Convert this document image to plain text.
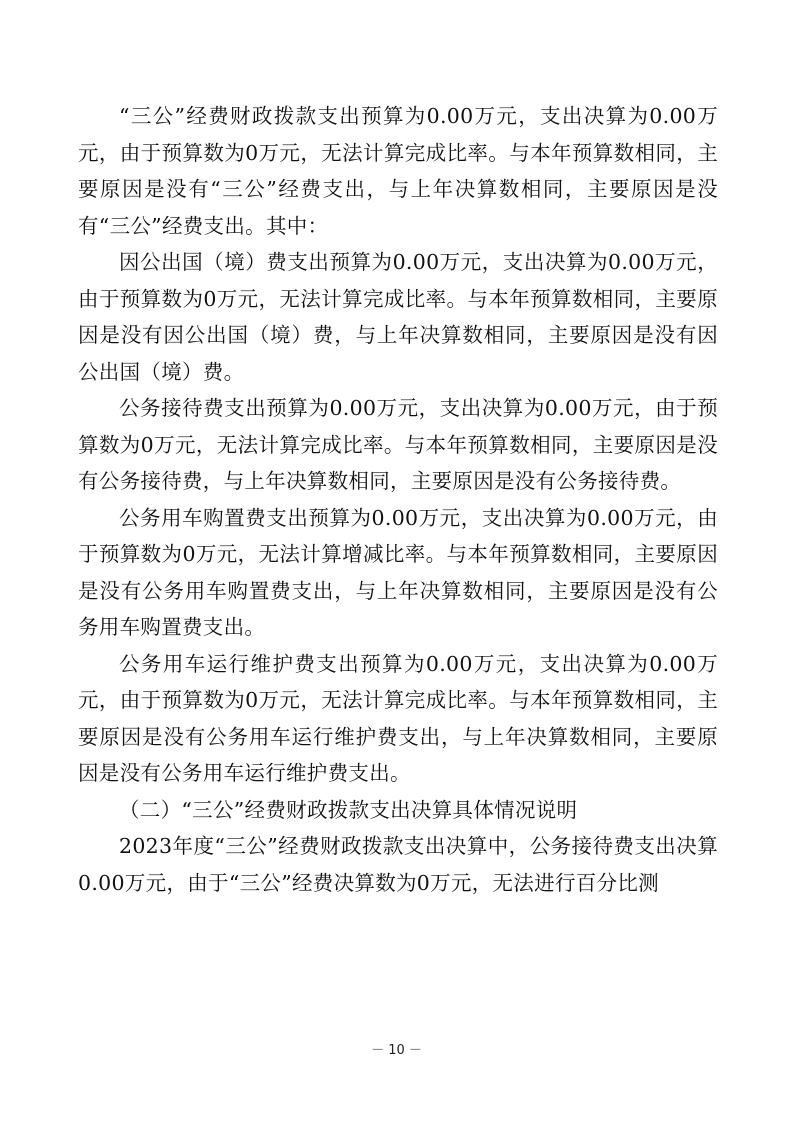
“三公”经费财政拨款支出预算为0.00万元，支出决算为0.00万元，由于预算数为0万元，无法计算完成比率。与本年预算数相同，主要原因是没有“三公”经费支出，与上年决算数相同，主要原因是没有“三公”经费支出。其中：

因公出国（境）费支出预算为0.00万元，支出决算为0.00万元，由于预算数为0万元，无法计算完成比率。与本年预算数相同，主要原因是没有因公出国（境）费，与上年决算数相同，主要原因是没有因公出国（境）费。

公务接待费支出预算为0.00万元，支出决算为0.00万元，由于预算数为0万元，无法计算完成比率。与本年预算数相同，主要原因是没有公务接待费，与上年决算数相同，主要原因是没有公务接待费。

公务用车购置费支出预算为0.00万元，支出决算为0.00万元，由于预算数为0万元，无法计算增减比率。与本年预算数相同，主要原因是没有公务用车购置费支出，与上年决算数相同，主要原因是没有公务用车购置费支出。

公务用车运行维护费支出预算为0.00万元，支出决算为0.00万元，由于预算数为0万元，无法计算完成比率。与本年预算数相同，主要原因是没有公务用车运行维护费支出，与上年决算数相同，主要原因是没有公务用车运行维护费支出。

（二）“三公”经费财政拨款支出决算具体情况说明

2023年度“三公”经费财政拨款支出决算中，公务接待费支出决算0.00万元，由于“三公”经费决算数为0万元，无法进行百分比测

－ 10 －
